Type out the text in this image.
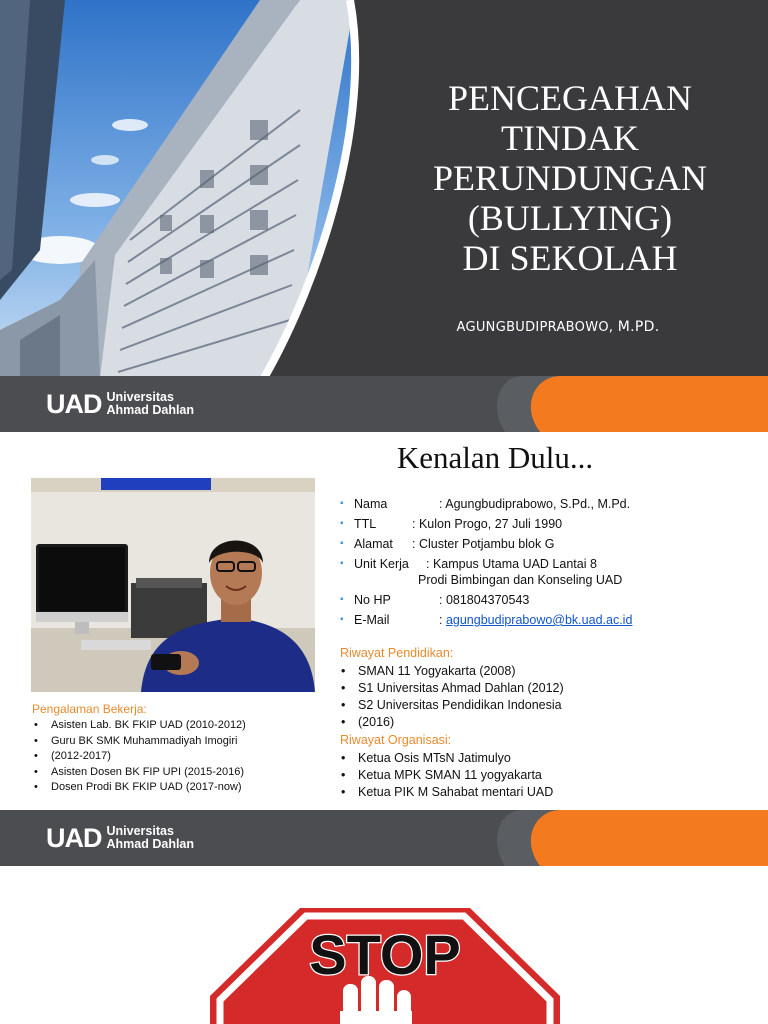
PENCEGAHAN
TINDAK
PERUNDUNGAN
(BULLYING)
DI SEKOLAH
AGUNGBUDIPRABOWO, M.PD.
UAD Universitas
Ahmad Dahlan
Kenalan Dulu...
▪ Nama	: Agungbudiprabowo, S.Pd., M.Pd.
▪ TTL	: Kulon Progo, 27 Juli 1990
▪ Alamat : Cluster Potjambu blok G
▪ Unit Kerja : Kampus Utama UAD Lantai 8
Prodi Bimbingan dan Konseling UAD
▪ No HP	: 081804370543
▪ E-Mail	: agungbudiprabowo@bk.uad.ac.id
Riwayat Pendidikan:
• SMAN 11 Yogyakarta (2008)
• S1 Universitas Ahmad Dahlan (2012)
• S2 Universitas Pendidikan Indonesia
• (2016)
Riwayat Organisasi:
• Ketua Osis MTsN Jatimulyo
• Ketua MPK SMAN 11 yogyakarta
• Ketua PIK M Sahabat mentari UAD
Pengalaman Bekerja:
• Asisten Lab. BK FKIP UAD (2010-2012)
• Guru BK SMK Muhammadiyah Imogiri
• (2012-2017)
• Asisten Dosen BK FIP UPI (2015-2016)
• Dosen Prodi BK FKIP UAD (2017-now)
UAD Universitas
Ahmad Dahlan
STOP
